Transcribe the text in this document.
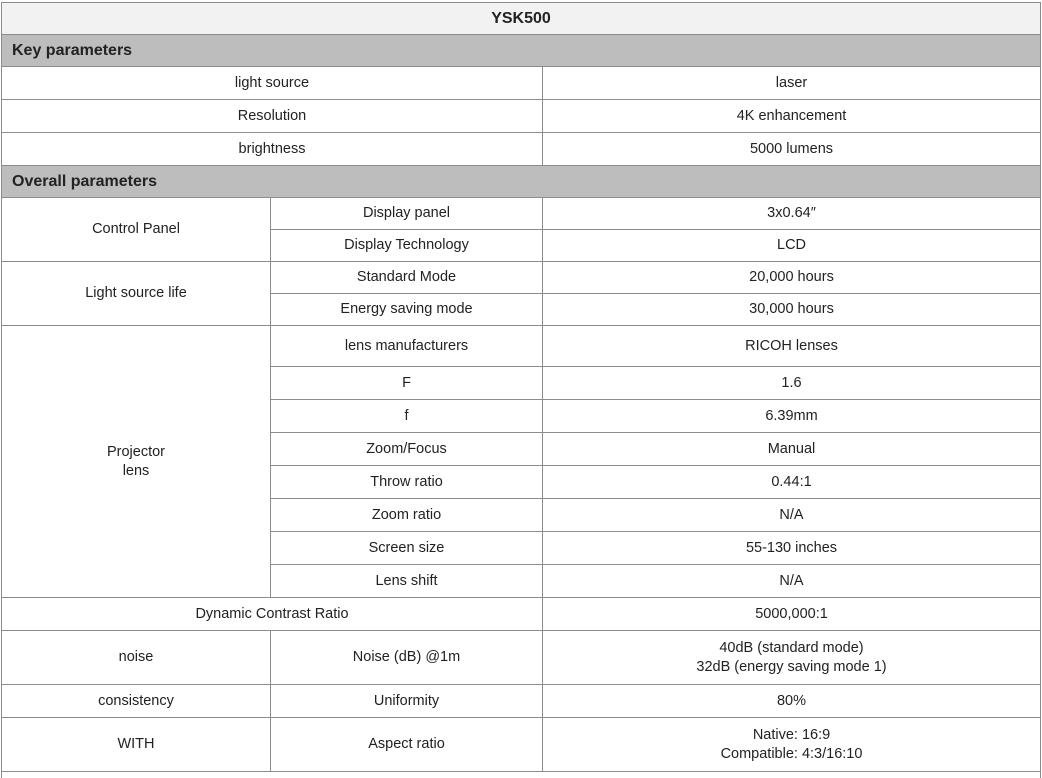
YSK500		
Key parameters		
light source		laser
Resolution		4K enhancement
brightness		5000 lumens
Overall parameters		
Control Panel	Display panel	3x0.64″
	Display Technology	LCD
Light source life	Standard Mode	20,000 hours
	Energy saving mode	30,000 hours
Projector
lens	lens manufacturers	RICOH lenses
	F	1.6
	f	6.39mm
	Zoom/Focus	Manual
	Throw ratio	0.44:1
	Zoom ratio	N/A
	Screen size	55-130 inches
	Lens shift	N/A
Dynamic Contrast Ratio		5000,000:1
noise	Noise (dB) @1m	40dB (standard mode)
32dB (energy saving mode 1)
consistency	Uniformity	80%
WITH	Aspect ratio	Native: 16:9
Compatible: 4:3/16:10
